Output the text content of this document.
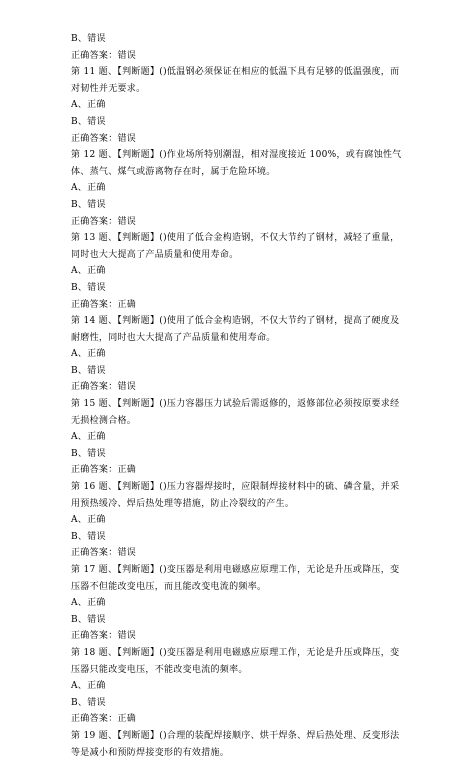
B、错误
正确答案：错误
第 11 题、【判断题】()低温钢必须保证在相应的低温下具有足够的低温强度，而对韧性并无要求。
A、正确
B、错误
正确答案：错误
第 12 题、【判断题】()作业场所特别潮湿，相对湿度接近 100%，或有腐蚀性气体、蒸气、煤气或游离物存在时，属于危险环境。
A、正确
B、错误
正确答案：错误
第 13 题、【判断题】()使用了低合金构造钢，不仅大节约了钢材，减轻了重量，同时也大大提高了产品质量和使用寿命。
A、正确
B、错误
正确答案：正确
第 14 题、【判断题】()使用了低合金构造钢，不仅大节约了钢材，提高了硬度及耐磨性，同时也大大提高了产品质量和使用寿命。
A、正确
B、错误
正确答案：错误
第 15 题、【判断题】()压力容器压力试验后需返修的，返修部位必须按原要求经无损检测合格。
A、正确
B、错误
正确答案：正确
第 16 题、【判断题】()压力容器焊接时，应限制焊接材料中的硫、磷含量，并采用预热缓冷、焊后热处理等措施，防止冷裂纹的产生。
A、正确
B、错误
正确答案：错误
第 17 题、【判断题】()变压器是利用电磁感应原理工作，无论是升压或降压，变压器不但能改变电压，而且能改变电流的频率。
A、正确
B、错误
正确答案：错误
第 18 题、【判断题】()变压器是利用电磁感应原理工作，无论是升压或降压，变压器只能改变电压，不能改变电流的频率。
A、正确
B、错误
正确答案：正确
第 19 题、【判断题】()合理的装配焊接顺序、烘干焊条、焊后热处理、反变形法等是减小和预防焊接变形的有效措施。
